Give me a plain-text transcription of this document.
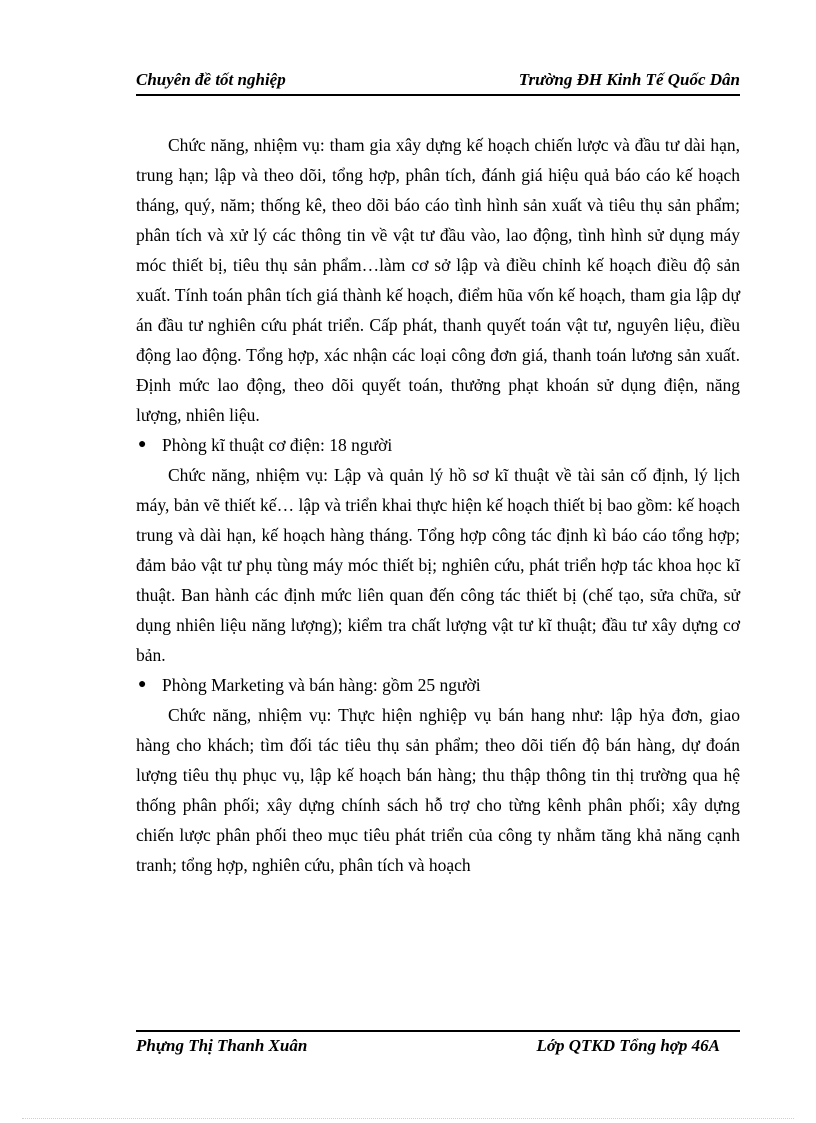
Chuyên đề tốt nghiệp	Trường ĐH Kinh Tế Quốc Dân

Chức năng, nhiệm vụ: tham gia xây dựng kế hoạch chiến lược và đầu tư dài hạn, trung hạn; lập và theo dõi, tổng hợp, phân tích, đánh giá hiệu quả báo cáo kế hoạch tháng, quý, năm; thống kê, theo dõi báo cáo tình hình sản xuất và tiêu thụ sản phẩm; phân tích và xử lý các thông tin về vật tư đầu vào, lao động, tình hình sử dụng máy móc thiết bị, tiêu thụ sản phẩm…làm cơ sở lập và điều chỉnh kế hoạch điều độ sản xuất. Tính toán phân tích giá thành kế hoạch, điểm hũa vốn kế hoạch, tham gia lập dự án đầu tư nghiên cứu phát triển. Cấp phát, thanh quyết toán vật tư, nguyên liệu, điều động lao động. Tổng hợp, xác nhận các loại công đơn giá, thanh toán lương sản xuất. Định mức lao động, theo dõi quyết toán, thưởng phạt khoán sử dụng điện, năng lượng, nhiên liệu.

● Phòng kĩ thuật cơ điện: 18 người

Chức năng, nhiệm vụ: Lập và quản lý hồ sơ kĩ thuật về tài sản cố định, lý lịch máy, bản vẽ thiết kế… lập và triển khai thực hiện kế hoạch thiết bị bao gồm: kế hoạch trung và dài hạn, kế hoạch hàng tháng. Tổng hợp công tác định kì báo cáo tổng hợp; đảm bảo vật tư phụ tùng máy móc thiết bị; nghiên cứu, phát triển hợp tác khoa học kĩ thuật. Ban hành các định mức liên quan đến công tác thiết bị (chế tạo, sửa chữa, sử dụng nhiên liệu năng lượng); kiểm tra chất lượng vật tư kĩ thuật; đầu tư xây dựng cơ bản.

● Phòng Marketing và bán hàng: gồm 25 người

Chức năng, nhiệm vụ: Thực hiện nghiệp vụ bán hang như: lập hỷa đơn, giao hàng cho khách; tìm đối tác tiêu thụ sản phẩm; theo dõi tiến độ bán hàng, dự đoán lượng tiêu thụ phục vụ, lập kế hoạch bán hàng; thu thập thông tin thị trường qua hệ thống phân phối; xây dựng chính sách hỗ trợ cho từng kênh phân phối; xây dựng chiến lược phân phối theo mục tiêu phát triển của công ty nhằm tăng khả năng cạnh tranh; tổng hợp, nghiên cứu, phân tích và hoạch

Phựng Thị Thanh Xuân	Lớp QTKD Tổng hợp 46A
